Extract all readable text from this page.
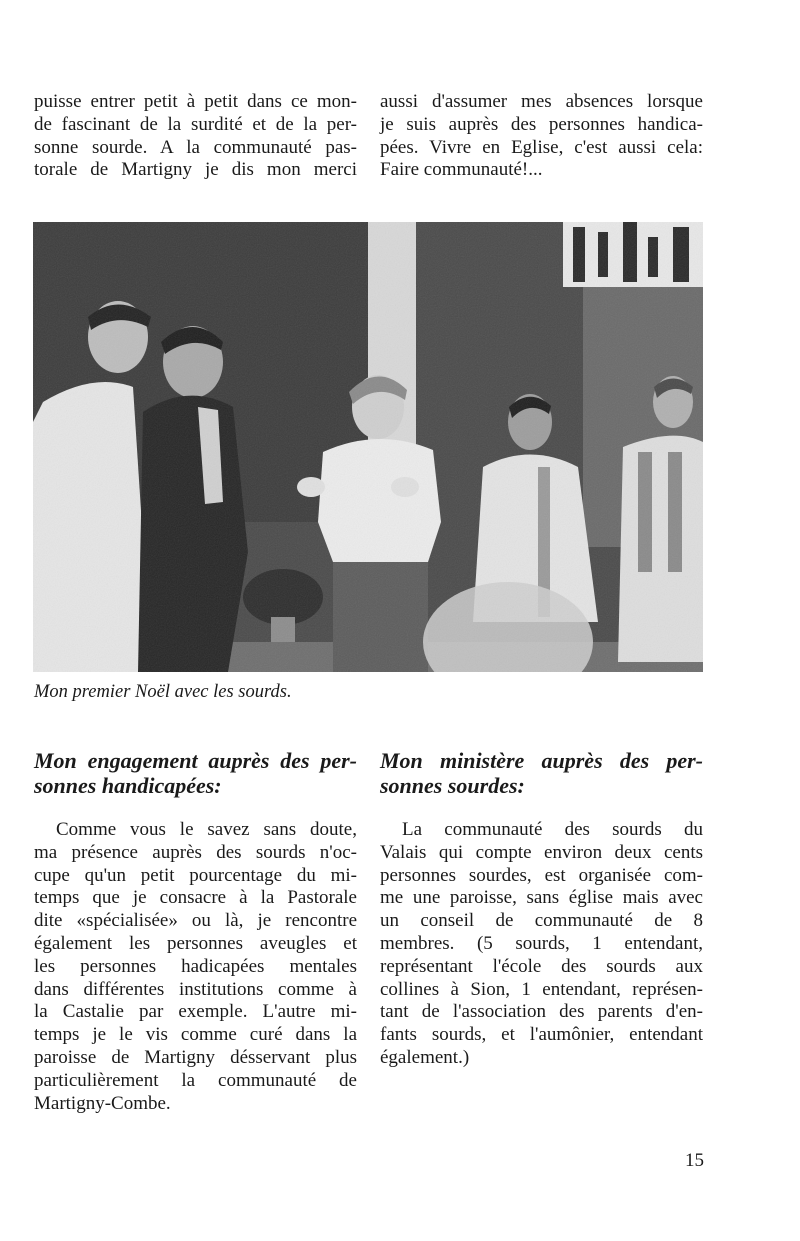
puisse entrer petit à petit dans ce mon-
de fascinant de la surdité et de la per-
sonne sourde. A la communauté pas-
torale de Martigny je dis mon merci
aussi d'assumer mes absences lorsque
je suis auprès des personnes handica-
pées. Vivre en Eglise, c'est aussi cela:
Faire communauté!...
Mon premier Noël avec les sourds.
Mon engagement auprès des per-
sonnes handicapées:
Mon ministère auprès des per-
sonnes sourdes:
Comme vous le savez sans doute,
ma présence auprès des sourds n'oc-
cupe qu'un petit pourcentage du mi-
temps que je consacre à la Pastorale
dite «spécialisée» ou là, je rencontre
également les personnes aveugles et
les personnes hadicapées mentales
dans différentes institutions comme à
la Castalie par exemple. L'autre mi-
temps je le vis comme curé dans la
paroisse de Martigny désservant plus
particulièrement la communauté de
Martigny-Combe.
La communauté des sourds du
Valais qui compte environ deux cents
personnes sourdes, est organisée com-
me une paroisse, sans église mais avec
un conseil de communauté de 8
membres. (5 sourds, 1 entendant,
représentant l'école des sourds aux
collines à Sion, 1 entendant, représen-
tant de l'association des parents d'en-
fants sourds, et l'aumônier, entendant
également.)
15
